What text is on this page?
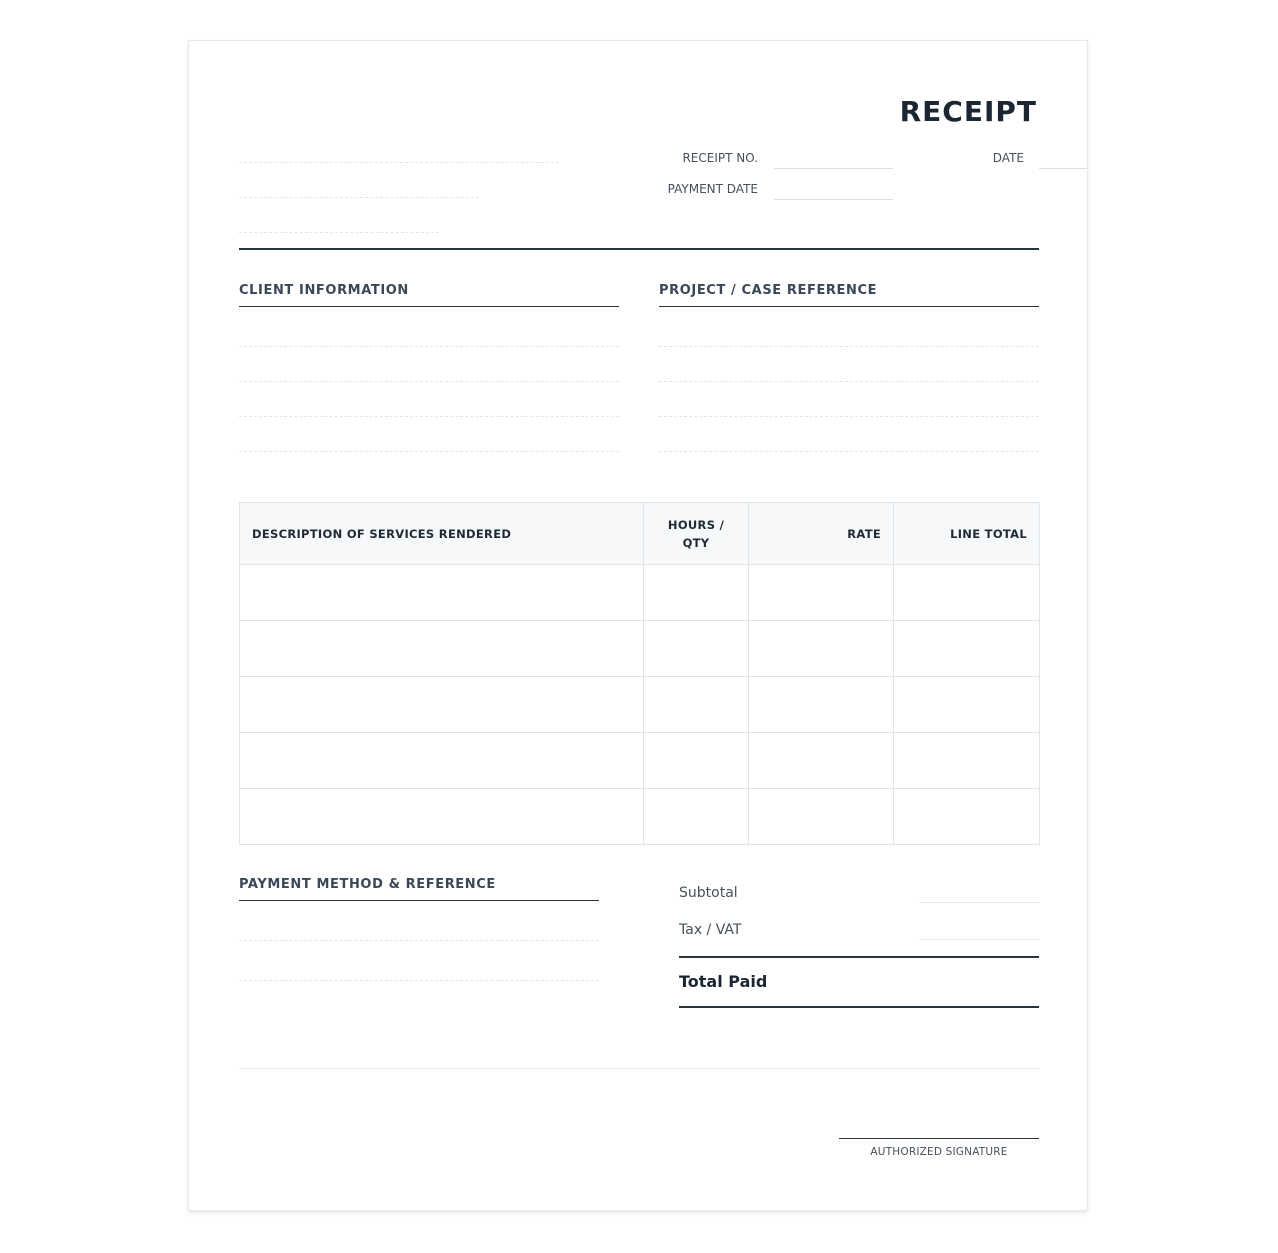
RECEIPT
RECEIPT NO.	DATE
PAYMENT DATE
CLIENT INFORMATION	PROJECT / CASE REFERENCE
DESCRIPTION OF SERVICES RENDERED	HOURS / QTY	RATE	LINE TOTAL

PAYMENT METHOD & REFERENCE
Subtotal
Tax / VAT
Total Paid
AUTHORIZED SIGNATURE
